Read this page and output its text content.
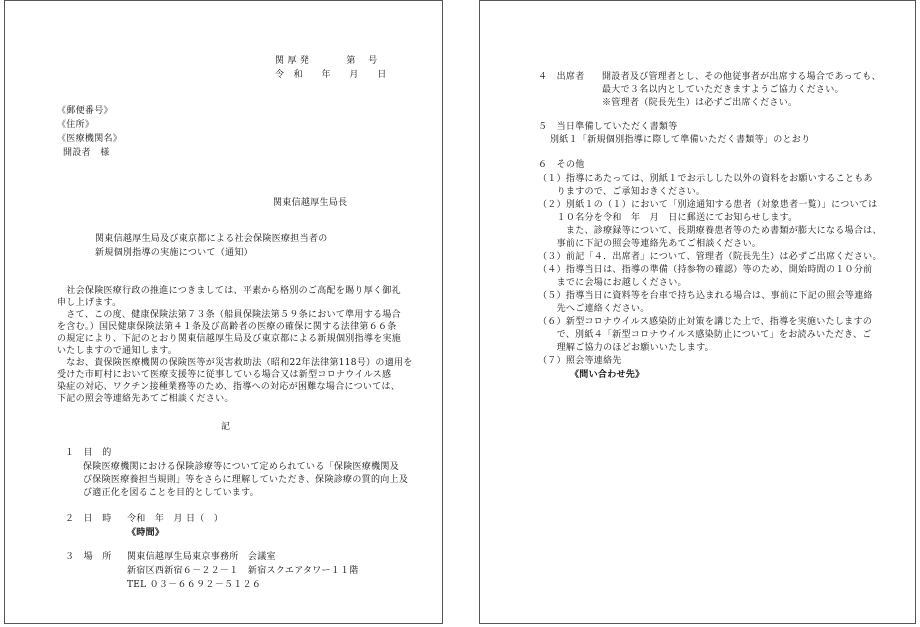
関 厚 発　　　　第　 号
令　和　　年　　月　　日
《郵便番号》
《住所》
《医療機関名》
開設者　様
関東信越厚生局長
関東信越厚生局及び東京都による社会保険医療担当者の
新規個別指導の実施について（通知）
　社会保険医療行政の推進につきましては、平素から格別のご高配を賜り厚く御礼
申し上げます。
　さて、この度、健康保険法第７３条（船員保険法第５９条において準用する場合
を含む。）国民健康保険法第４１条及び高齢者の医療の確保に関する法律第６６条
の規定により、下記のとおり関東信越厚生局及び東京都による新規個別指導を実施
いたしますので通知します。
　なお、貴保険医療機関の保険医等が災害救助法（昭和22年法律第118号）の適用を
受けた市町村において医療支援等に従事している場合又は新型コロナウイルス感
染症の対応、ワクチン接種業務等のため、指導への対応が困難な場合については、
下記の照会等連絡先あてご相談ください。
記
１　目　的
保険医療機関における保険診療等について定められている「保険医療機関及
び保険医療養担当規則」等をさらに理解していただき、保険診療の質的向上及
び適正化を図ることを目的としています。
２　日　時 令和　年　月 日（　）
《時間》
３　場　所 関東信越厚生局東京事務所　会議室
新宿区西新宿６－２２－１　新宿スクエアタワー１１階
TEL ０３－６６９２－５１２６
４　出席者 開設者及び管理者とし、その他従事者が出席する場合であっても、
最大で３名以内としていただきますようご協力ください。
※管理者（院長先生）は必ずご出席ください。
５　当日準備していただく書類等
別紙１「新規個別指導に際して準備いただく書類等」のとおり
６　その他
（１）指導にあたっては、別紙１でお示しした以外の資料をお願いすることもあ
　　りますので、ご承知おきください。
（２）別紙１の（１）において「別途通知する患者（対象患者一覧）」については
　　１０名分を令和　年　月　日に郵送にてお知らせします。
　　　また、診療録等について、長期療養患者等のため書類が膨大になる場合は、
　　事前に下記の照会等連絡先あてご相談ください。
（３）前記「４．出席者」について、管理者（院長先生）は必ずご出席ください。
（４）指導当日は、指導の準備（持参物の確認）等のため、開始時間の１０分前
　　までに会場にお越しください。
（５）指導当日に資料等を台車で持ち込まれる場合は、事前に下記の照会等連絡
　　先へご連絡ください。
（６）新型コロナウイルス感染防止対策を講じた上で、指導を実施いたしますの
　　で、別紙４「新型コロナウイルス感染防止について」をお読みいただき、ご
　　理解ご協力のほどお願いいたします。
（７）照会等連絡先
《問い合わせ先》
